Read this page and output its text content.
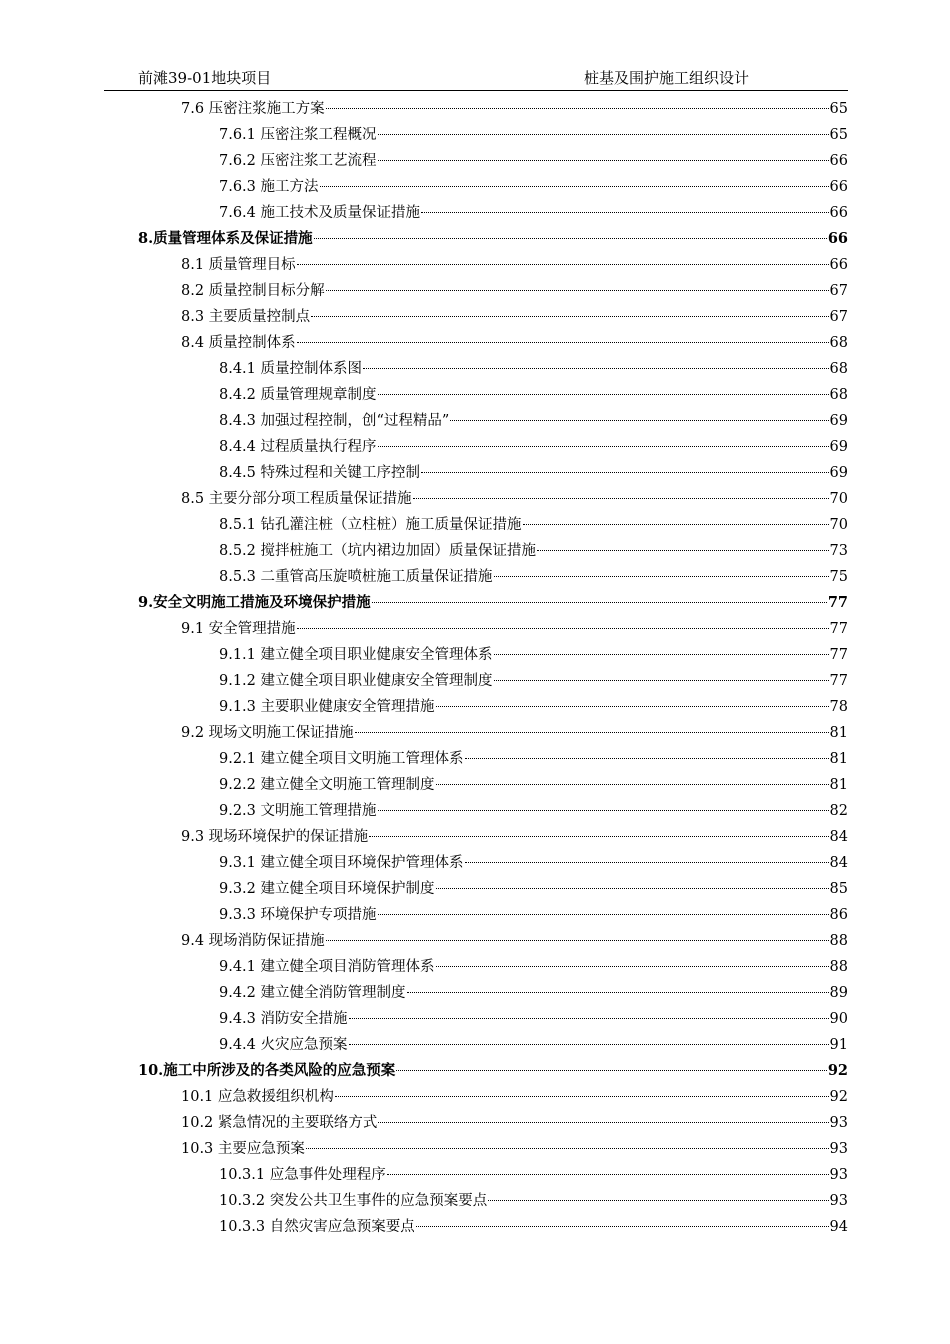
前滩39-01地块项目	桩基及围护施工组织设计
7.6 压密注浆施工方案	65
7.6.1 压密注浆工程概况	65
7.6.2 压密注浆工艺流程	66
7.6.3 施工方法	66
7.6.4 施工技术及质量保证措施	66
8.质量管理体系及保证措施	66
8.1 质量管理目标	66
8.2 质量控制目标分解	67
8.3 主要质量控制点	67
8.4 质量控制体系	68
8.4.1 质量控制体系图	68
8.4.2 质量管理规章制度	68
8.4.3 加强过程控制，创“过程精品”	69
8.4.4 过程质量执行程序	69
8.4.5 特殊过程和关键工序控制	69
8.5 主要分部分项工程质量保证措施	70
8.5.1 钻孔灌注桩（立柱桩）施工质量保证措施	70
8.5.2 搅拌桩施工（坑内裙边加固）质量保证措施	73
8.5.3 二重管高压旋喷桩施工质量保证措施	75
9.安全文明施工措施及环境保护措施	77
9.1 安全管理措施	77
9.1.1 建立健全项目职业健康安全管理体系	77
9.1.2 建立健全项目职业健康安全管理制度	77
9.1.3 主要职业健康安全管理措施	78
9.2 现场文明施工保证措施	81
9.2.1 建立健全项目文明施工管理体系	81
9.2.2 建立健全文明施工管理制度	81
9.2.3 文明施工管理措施	82
9.3 现场环境保护的保证措施	84
9.3.1 建立健全项目环境保护管理体系	84
9.3.2 建立健全项目环境保护制度	85
9.3.3 环境保护专项措施	86
9.4 现场消防保证措施	88
9.4.1 建立健全项目消防管理体系	88
9.4.2 建立健全消防管理制度	89
9.4.3 消防安全措施	90
9.4.4 火灾应急预案	91
10.施工中所涉及的各类风险的应急预案	92
10.1 应急救援组织机构	92
10.2 紧急情况的主要联络方式	93
10.3 主要应急预案	93
10.3.1 应急事件处理程序	93
10.3.2 突发公共卫生事件的应急预案要点	93
10.3.3 自然灾害应急预案要点	94
